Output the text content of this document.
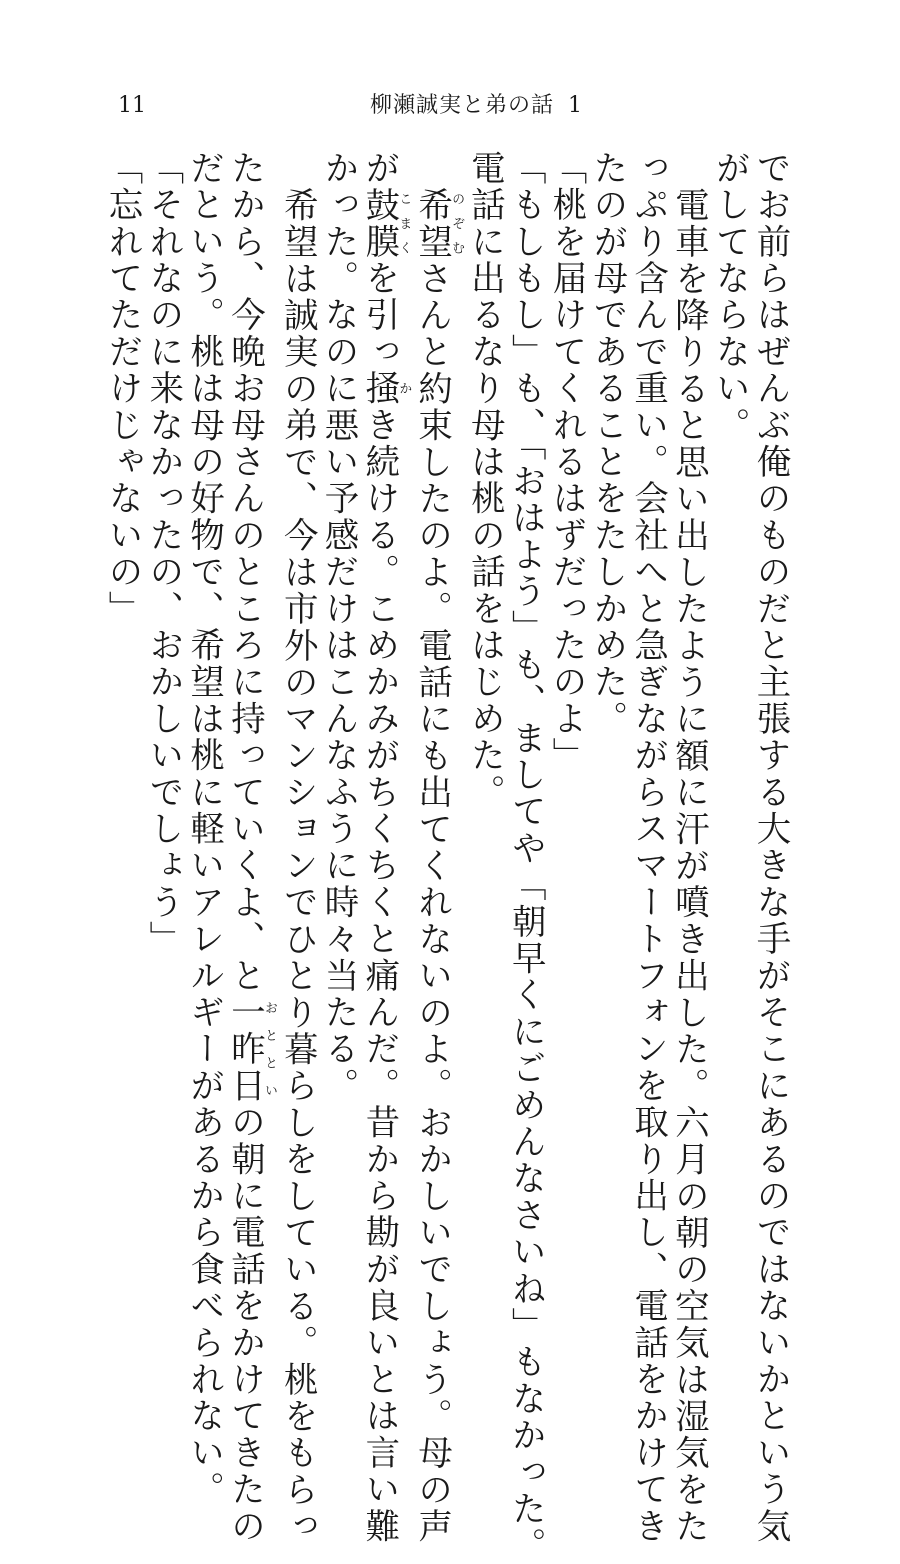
11	柳瀬誠実と弟の話 1
でお前らはぜんぶ俺のものだと主張する大きな手がそこにあるのではないかという気
がしてならない。
電車を降りると思い出したように額に汗が噴き出した。六月の朝の空気は湿気をた
っぷり含んで重い。会社へと急ぎながらスマートフォンを取り出し、電話をかけてき
たのが母であることをたしかめた。
「桃を届けてくれるはずだったのよ」
「もしもし」も、「おはよう」も、ましてや「朝早くにごめんなさいね」もなかった。
電話に出るなり母は桃の話をはじめた。
希望のぞむさんと約束したのよ。電話にも出てくれないのよ。おかしいでしょう。母の声
が鼓膜こまくを引っ掻かき続ける。こめかみがちくちくと痛んだ。昔から勘が良いとは言い難
かった。なのに悪い予感だけはこんなふうに時々当たる。
希望は誠実の弟で、今は市外のマンションでひとり暮らしをしている。桃をもらっ
たから、今晩お母さんのところに持っていくよ、と一昨日おとといの朝に電話をかけてきたの
だという。桃は母の好物で、希望は桃に軽いアレルギーがあるから食べられない。
「それなのに来なかったの、おかしいでしょう」
「忘れてただけじゃないの」
